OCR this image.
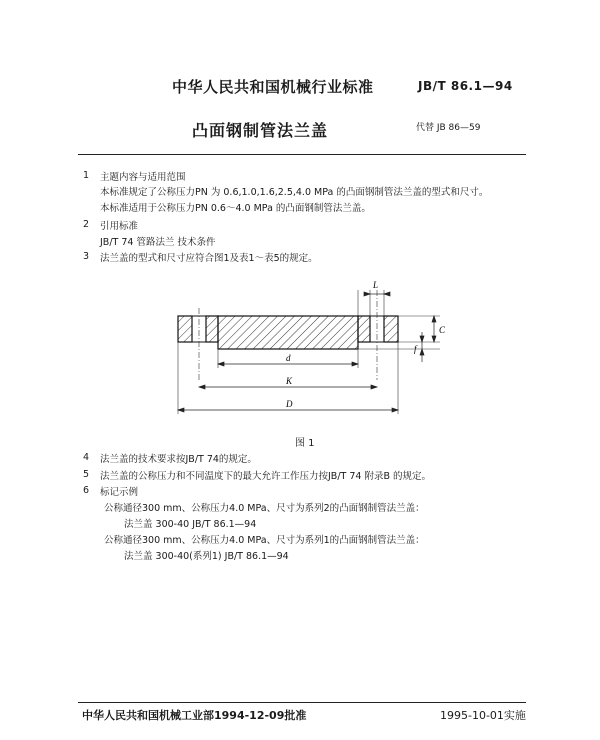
中华人民共和国机械行业标准	JB/T 86.1—94
凸面钢制管法兰盖	代替 JB 86—59
1 主题内容与适用范围
本标准规定了公称压力PN 为 0.6,1.0,1.6,2.5,4.0 MPa 的凸面钢制管法兰盖的型式和尺寸。
本标准适用于公称压力PN 0.6～4.0 MPa 的凸面钢制管法兰盖。
2 引用标准
JB/T 74 管路法兰 技术条件
3 法兰盖的型式和尺寸应符合图1及表1～表5的规定。
L
C
f
d
K
D
图 1
4 法兰盖的技术要求按JB/T 74的规定。
5 法兰盖的公称压力和不同温度下的最大允许工作压力按JB/T 74 附录B 的规定。
6 标记示例
公称通径300 mm、公称压力4.0 MPa、尺寸为系列2的凸面钢制管法兰盖：
法兰盖 300-40 JB/T 86.1—94
公称通径300 mm、公称压力4.0 MPa、尺寸为系列1的凸面钢制管法兰盖：
法兰盖 300-40(系列1) JB/T 86.1—94
中华人民共和国机械工业部1994-12-09批准	1995-10-01实施
